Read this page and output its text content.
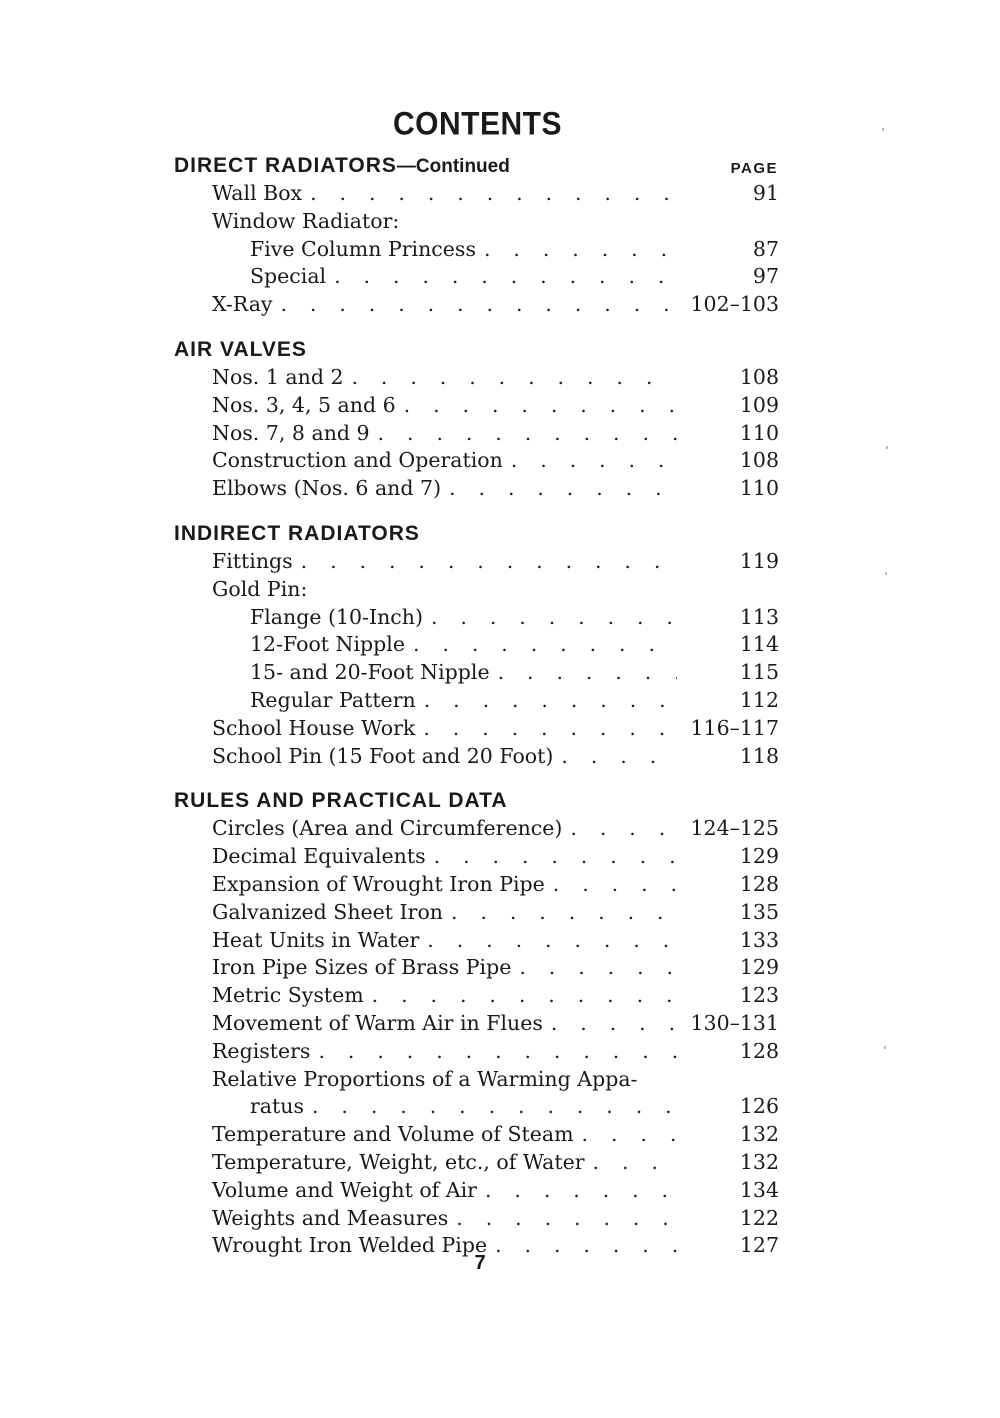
CONTENTS
PAGE
DIRECT RADIATORS—Continued
Wall Box . . .	91
Window Radiator:
Five Column Princess . . .	87
Special . . .	97
X-Ray . . .	102–103
AIR VALVES
Nos. 1 and 2 . . .	108
Nos. 3, 4, 5 and 6 . . .	109
Nos. 7, 8 and 9 . . .	110
Construction and Operation . . .	108
Elbows (Nos. 6 and 7) . . .	110
INDIRECT RADIATORS
Fittings . . .	119
Gold Pin:
Flange (10-Inch) . . .	113
12-Foot Nipple . . .	114
15- and 20-Foot Nipple . . .	115
Regular Pattern . . .	112
School House Work . . .	116–117
School Pin (15 Foot and 20 Foot) . . .	118
RULES AND PRACTICAL DATA
Circles (Area and Circumference) . . .	124–125
Decimal Equivalents . . .	129
Expansion of Wrought Iron Pipe . . .	128
Galvanized Sheet Iron . . .	135
Heat Units in Water . . .	133
Iron Pipe Sizes of Brass Pipe . . .	129
Metric System . . .	123
Movement of Warm Air in Flues . . .	130–131
Registers . . .	128
Relative Proportions of a Warming Appa-
ratus . . .	126
Temperature and Volume of Steam . . .	132
Temperature, Weight, etc., of Water . . .	132
Volume and Weight of Air . . .	134
Weights and Measures . . .	122
Wrought Iron Welded Pipe . . .	127
7
